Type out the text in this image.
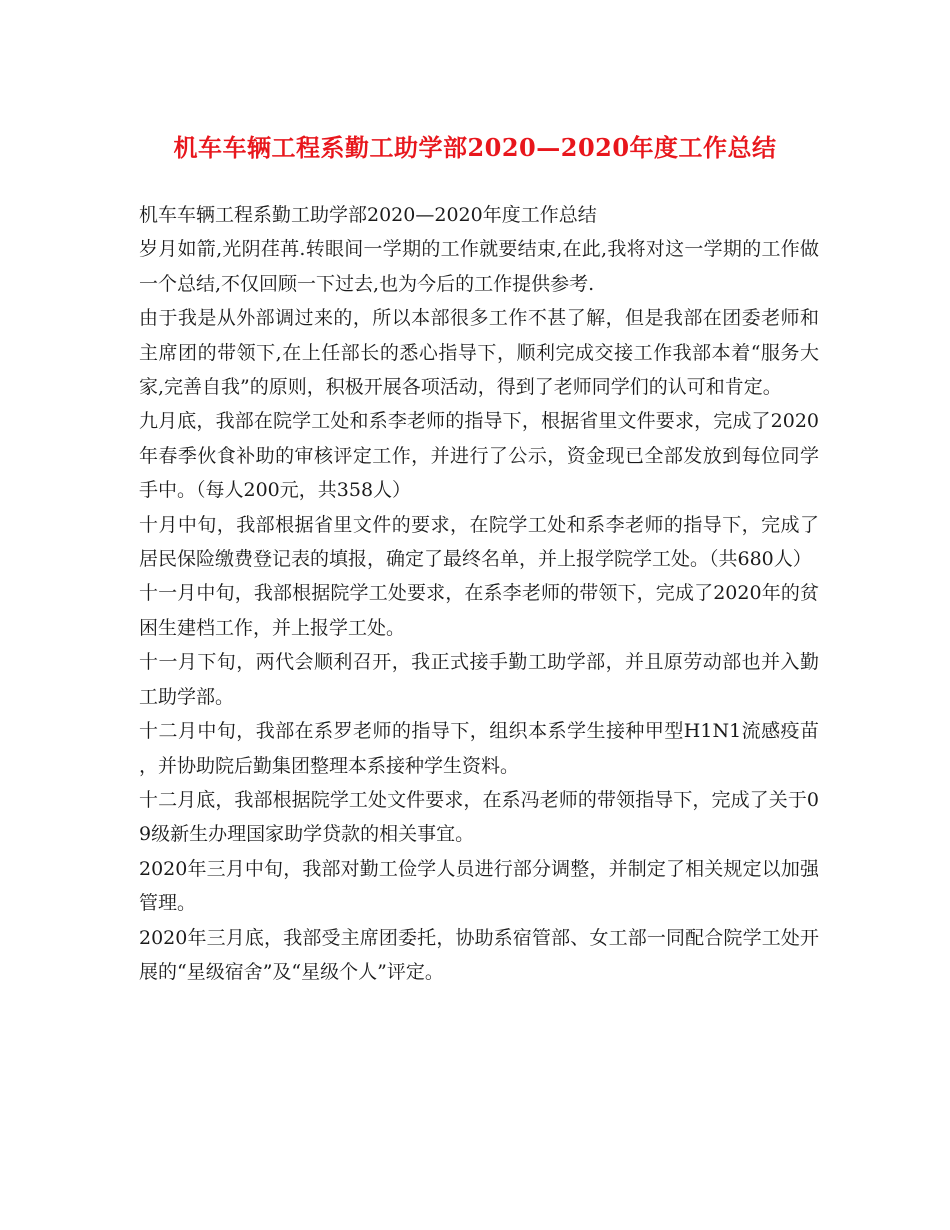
机车车辆工程系勤工助学部2020—2020年度工作总结

机车车辆工程系勤工助学部2020—2020年度工作总结

岁月如箭,光阴荏苒.转眼间一学期的工作就要结束,在此,我将对这一学期的工作做一个总结,不仅回顾一下过去,也为今后的工作提供参考.

由于我是从外部调过来的，所以本部很多工作不甚了解，但是我部在团委老师和主席团的带领下,在上任部长的悉心指导下，顺利完成交接工作我部本着“服务大家,完善自我”的原则，积极开展各项活动，得到了老师同学们的认可和肯定。

九月底，我部在院学工处和系李老师的指导下，根据省里文件要求，完成了2020年春季伙食补助的审核评定工作，并进行了公示，资金现已全部发放到每位同学手中。（每人200元，共358人）

十月中旬，我部根据省里文件的要求，在院学工处和系李老师的指导下，完成了居民保险缴费登记表的填报，确定了最终名单，并上报学院学工处。（共680人）

十一月中旬，我部根据院学工处要求，在系李老师的带领下，完成了2020年的贫困生建档工作，并上报学工处。

十一月下旬，两代会顺利召开，我正式接手勤工助学部，并且原劳动部也并入勤工助学部。

十二月中旬，我部在系罗老师的指导下，组织本系学生接种甲型H1N1流感疫苗，并协助院后勤集团整理本系接种学生资料。

十二月底，我部根据院学工处文件要求，在系冯老师的带领指导下，完成了关于09级新生办理国家助学贷款的相关事宜。

2020年三月中旬，我部对勤工俭学人员进行部分调整，并制定了相关规定以加强管理。

2020年三月底，我部受主席团委托，协助系宿管部、女工部一同配合院学工处开展的“星级宿舍”及“星级个人”评定。
